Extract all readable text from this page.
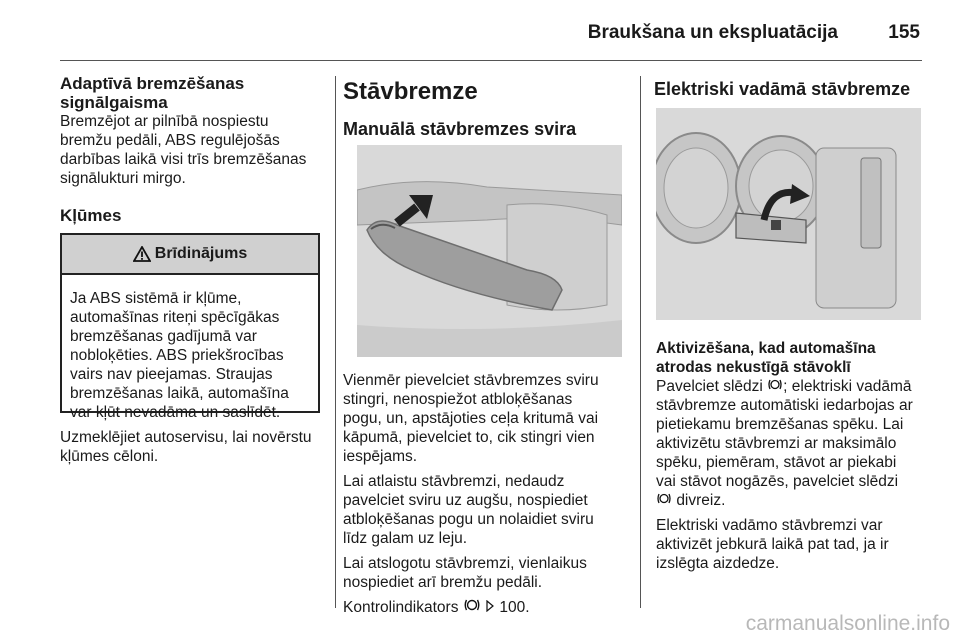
Braukšana un ekspluatācija	155

Adaptīvā bremzēšanas
signālgaisma

Bremzējot ar pilnībā nospiestu
bremžu pedāli, ABS regulējošās
darbības laikā visi trīs bremzēšanas
signālukturi mirgo.

Kļūmes

Brīdinājums
Ja ABS sistēmā ir kļūme,
automašīnas riteņi spēcīgākas
bremzēšanas gadījumā var
nobloķēties. ABS priekšrocības
vairs nav pieejamas. Straujas
bremzēšanas laikā, automašīna
var kļūt nevadāma un saslīdēt.

Uzmeklējiet autoservisu, lai novērstu
kļūmes cēloni.

Stāvbremze

Manuālā stāvbremzes svira

Vienmēr pievelciet stāvbremzes sviru
stingri, nenospiežot atbloķēšanas
pogu, un, apstājoties ceļa kritumā vai
kāpumā, pievelciet to, cik stingri vien
iespējams.

Lai atlaistu stāvbremzi, nedaudz
pavelciet sviru uz augšu, nospiediet
atbloķēšanas pogu un nolaidiet sviru
līdz galam uz leju.

Lai atslogotu stāvbremzi, vienlaikus
nospiediet arī bremžu pedāli.

Kontrolindikators	100.

Elektriski vadāmā stāvbremze

Aktivizēšana, kad automašīna
atrodas nekustīgā stāvoklī

Pavelciet slēdzi ; elektriski vadāmā
stāvbremze automātiski iedarbojas ar
pietiekamu bremzēšanas spēku. Lai
aktivizētu stāvbremzi ar maksimālo
spēku, piemēram, stāvot ar piekabi
vai stāvot nogāzēs, pavelciet slēdzi
divreiz.

Elektriski vadāmo stāvbremzi var
aktivizēt jebkurā laikā pat tad, ja ir
izslēgta aizdedze.

carmanualsonline.info
